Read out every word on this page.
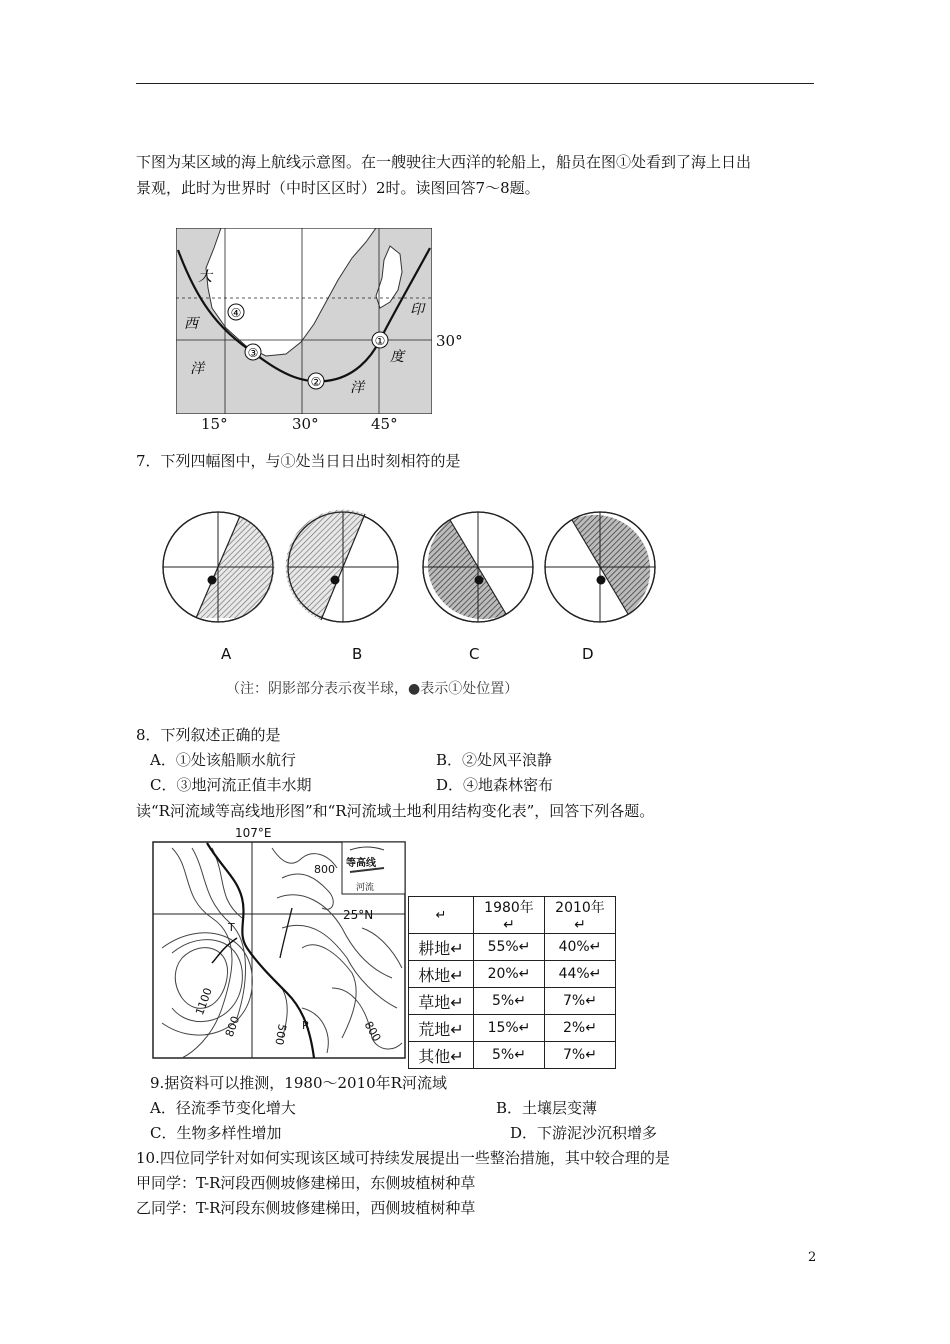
下图为某区域的海上航线示意图。在一艘驶往大西洋的轮船上，船员在图①处看到了海上日出
景观，此时为世界时（中时区区时）2时。读图回答7～8题。
大
西
洋
印
度
洋
④
③
②
①	30°
15°	30°	45°
7．下列四幅图中，与①处当日日出时刻相符的是
A	B	C	D
（注：阴影部分表示夜半球，●表示①处位置）
8．下列叙述正确的是
A．①处该船顺水航行	B．②处风平浪静
C．③地河流正值丰水期	D．④地森林密布
读“R河流域等高线地形图”和“R河流域土地利用结构变化表”，回答下列各题。
107°E
25°N
等高线
河流
800
1100
800	500	800
T
R
↵	1980年↵	2010年↵
耕地↵	55%↵	40%↵
林地↵	20%↵	44%↵
草地↵	5%↵	7%↵
荒地↵	15%↵	2%↵
其他↵	5%↵	7%↵
9.据资料可以推测，1980～2010年R河流域
A．径流季节变化增大	B．土壤层变薄
C．生物多样性增加	D．下游泥沙沉积增多
10.四位同学针对如何实现该区域可持续发展提出一些整治措施，其中较合理的是
甲同学：T-R河段西侧坡修建梯田，东侧坡植树种草
乙同学：T-R河段东侧坡修建梯田，西侧坡植树种草
2
